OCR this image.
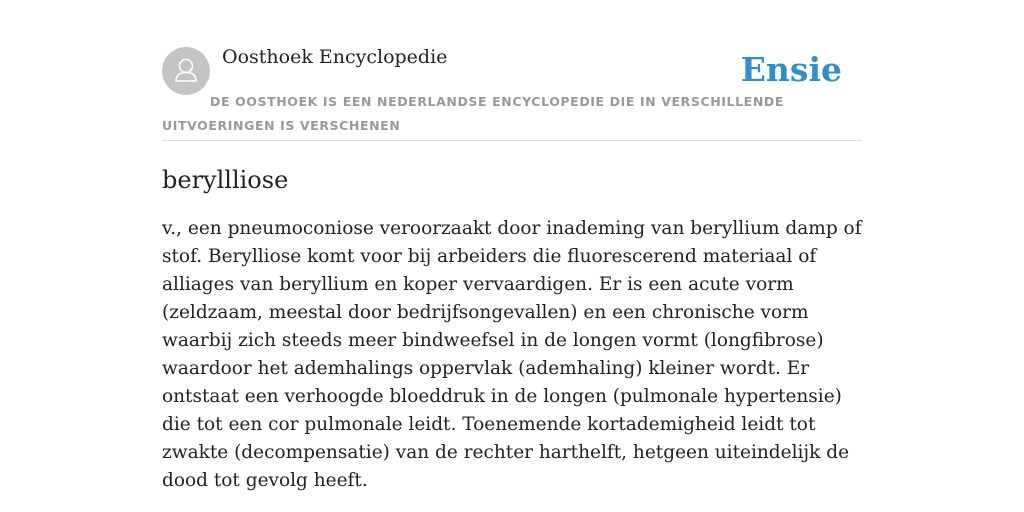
Oosthoek Encyclopedie	Ensie
DE OOSTHOEK IS EEN NEDERLANDSE ENCYCLOPEDIE DIE IN VERSCHILLENDE UITVOERINGEN IS VERSCHENEN
beryllliose

v., een pneumoconiose veroorzaakt door inademing van beryllium damp of stof. Berylliose komt voor bij arbeiders die fluorescerend materiaal of alliages van beryllium en koper vervaardigen. Er is een acute vorm (zeldzaam, meestal door bedrijfsongevallen) en een chronische vorm waarbij zich steeds meer bindweefsel in de longen vormt (longfibrose) waardoor het ademhalings oppervlak (ademhaling) kleiner wordt. Er ontstaat een verhoogde bloeddruk in de longen (pulmonale hypertensie) die tot een cor pulmonale leidt. Toenemende kortademigheid leidt tot zwakte (decompensatie) van de rechter harthelft, hetgeen uiteindelijk de dood tot gevolg heeft.
